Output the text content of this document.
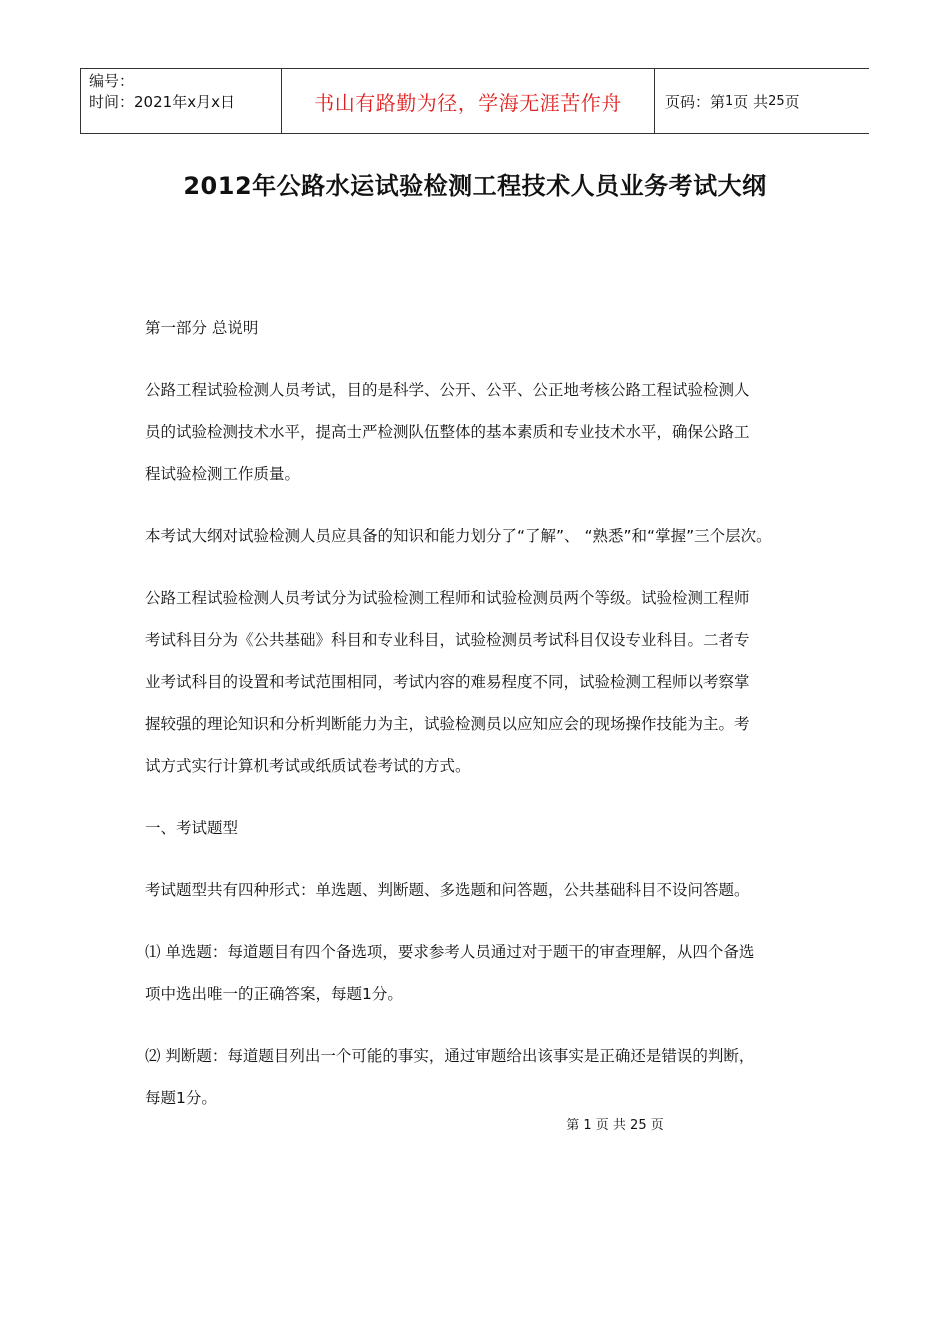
编号：
时间：2021年x月x日	书山有路勤为径，学海无涯苦作舟	页码：第 1 页 共 25 页
2012年公路水运试验检测工程技术人员业务考试大纲

第一部分 总说明

公路工程试验检测人员考试，目的是科学、公开、公平、公正地考核公路工程试验检测人

员的试验检测技术水平，提高士严检测队伍整体的基本素质和专业技术水平，确保公路工

程试验检测工作质量。

本考试大纲对试验检测人员应具备的知识和能力划分了“了解”、 “熟悉”和“掌握”三个层次。

公路工程试验检测人员考试分为试验检测工程师和试验检测员两个等级。试验检测工程师

考试科目分为《公共基础》科目和专业科目，试验检测员考试科目仅设专业科目。二者专

业考试科目的设置和考试范围相同，考试内容的难易程度不同，试验检测工程师以考察掌

握较强的理论知识和分析判断能力为主，试验检测员以应知应会的现场操作技能为主。考

试方式实行计算机考试或纸质试卷考试的方式。

一、考试题型

考试题型共有四种形式：单选题、判断题、多选题和问答题，公共基础科目不设问答题。

⑴ 单选题：每道题目有四个备选项，要求参考人员通过对于题干的审查理解，从四个备选

项中选出唯一的正确答案，每题1分。

⑵ 判断题：每道题目列出一个可能的事实，通过审题给出该事实是正确还是错误的判断，

每题1分。

第 1 页 共 25 页
